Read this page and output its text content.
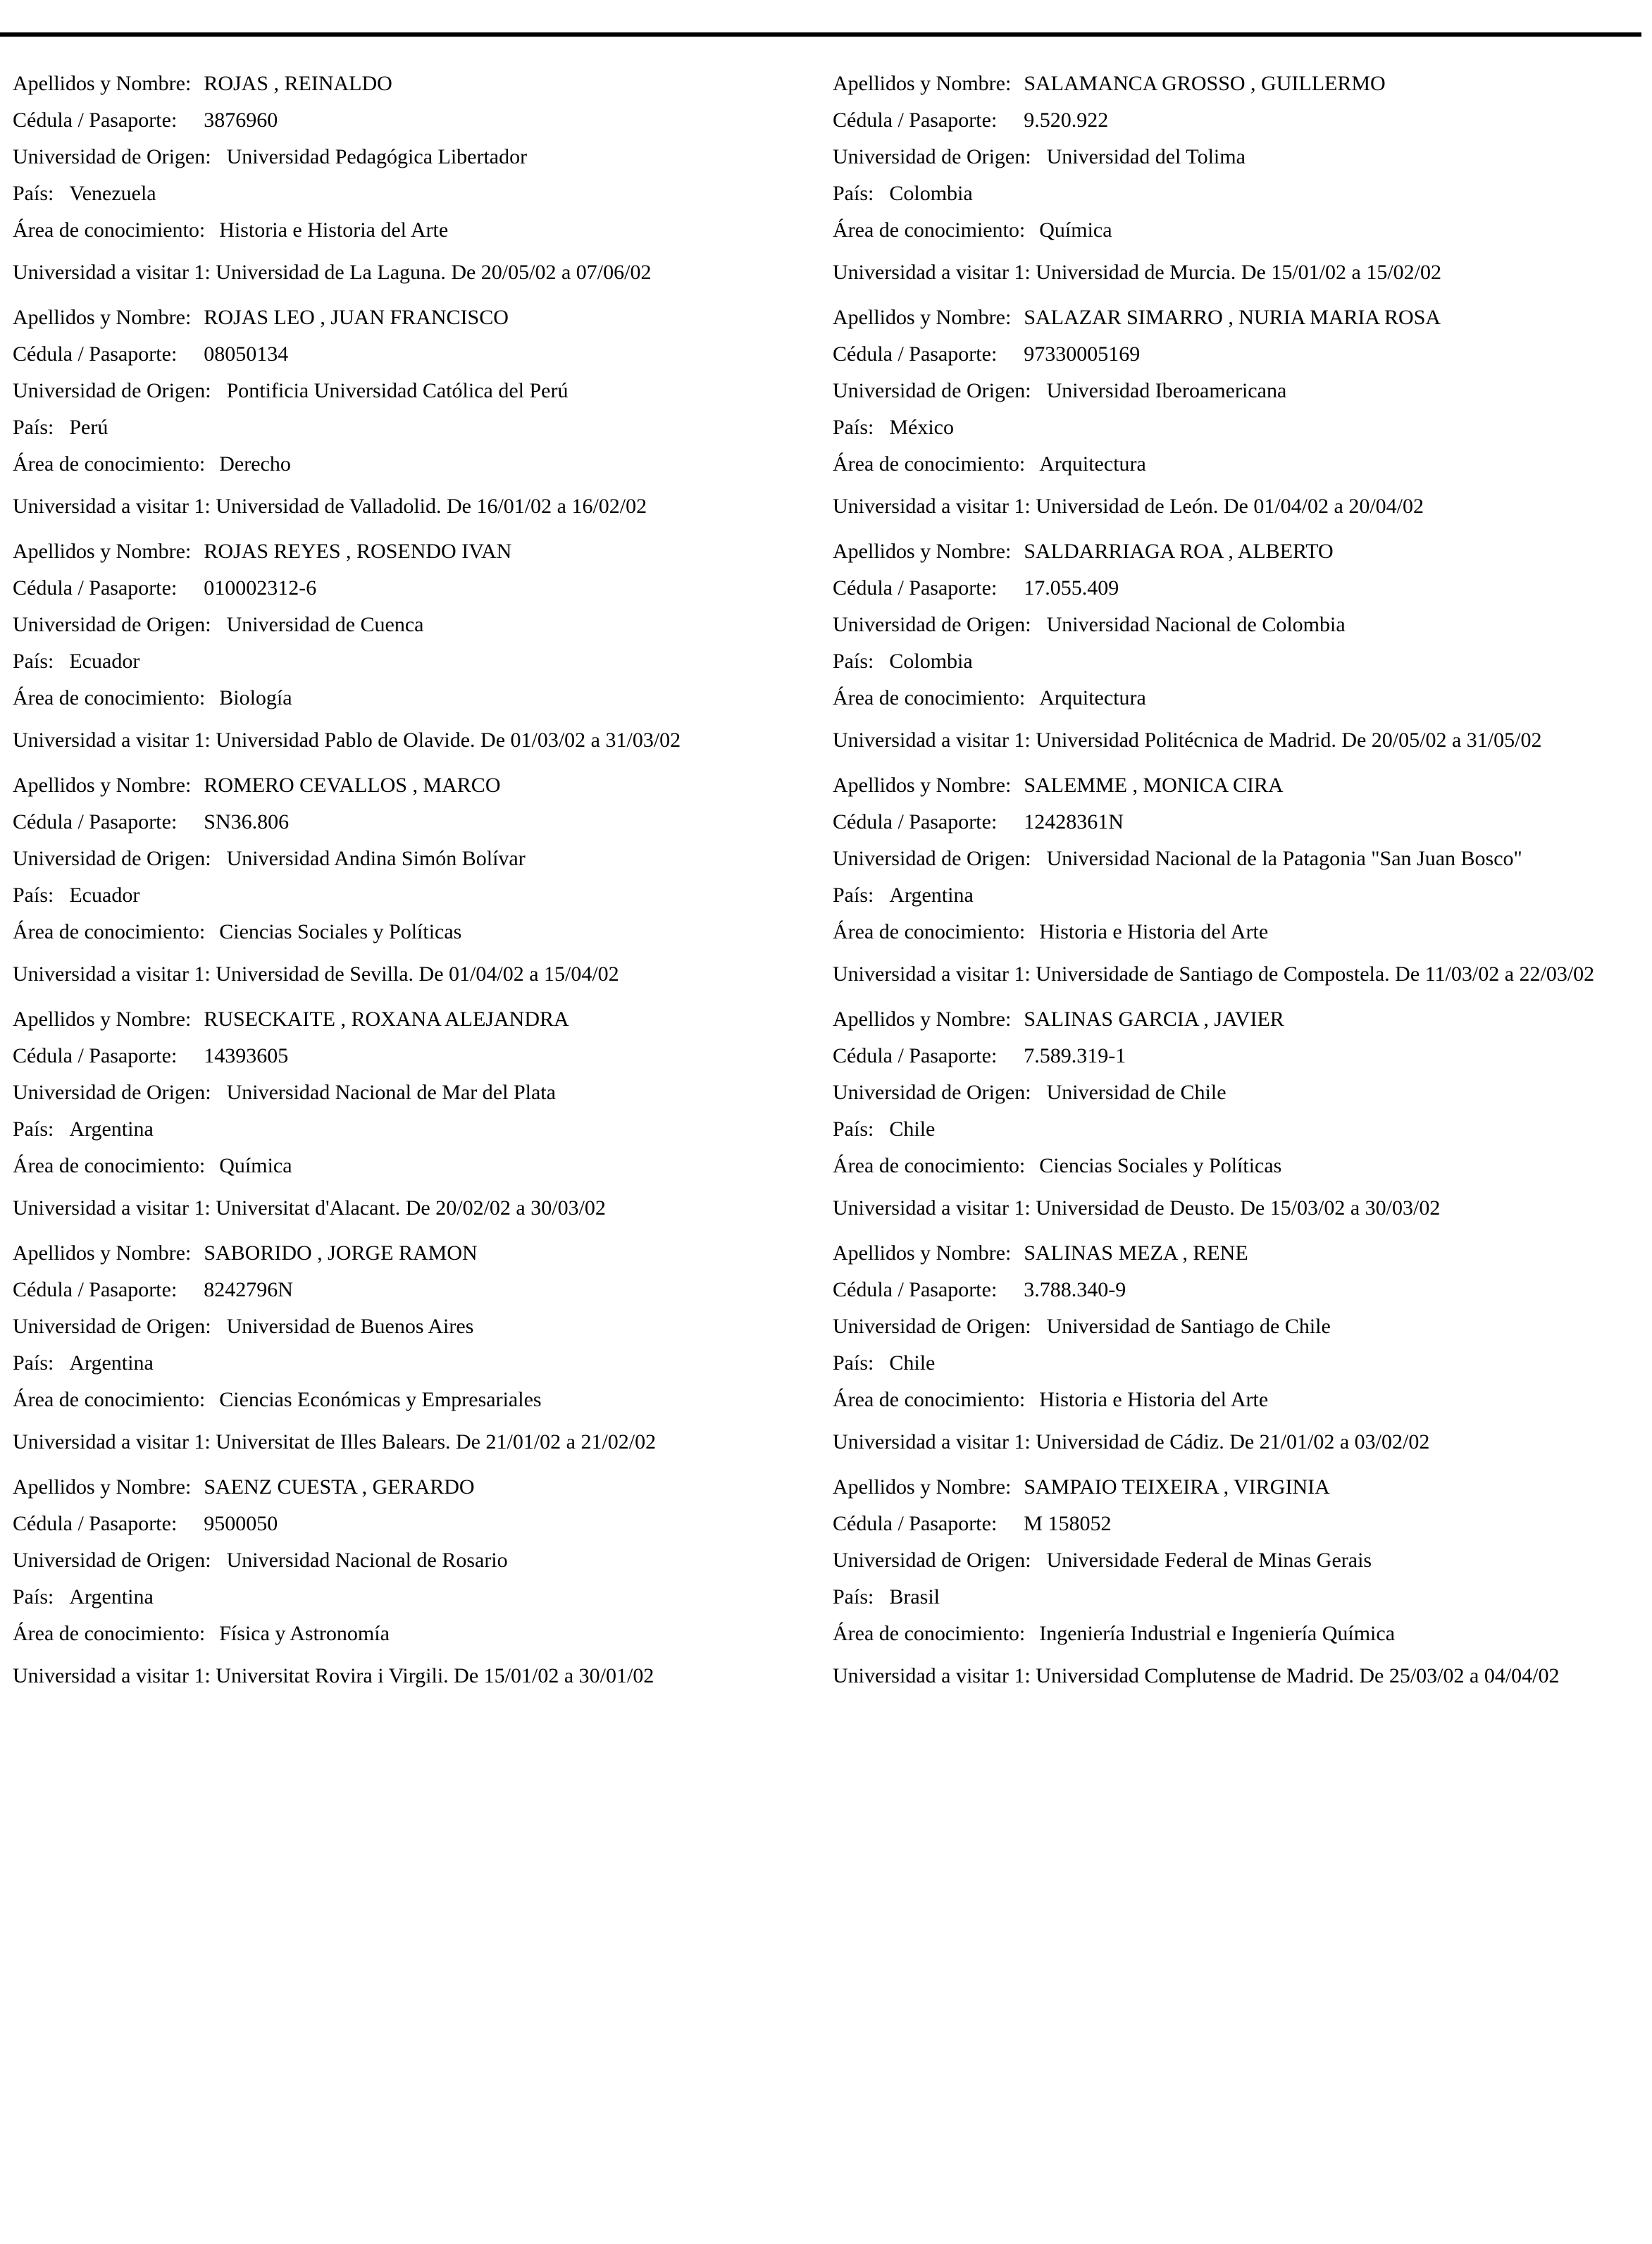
Apellidos y Nombre: ROJAS , REINALDO
Cédula / Pasaporte: 3876960
Universidad de Origen: Universidad Pedagógica Libertador
País: Venezuela
Área de conocimiento: Historia e Historia del Arte
Universidad a visitar 1: Universidad de La Laguna. De 20/05/02 a 07/06/02
Apellidos y Nombre: ROJAS LEO , JUAN FRANCISCO
Cédula / Pasaporte: 08050134
Universidad de Origen: Pontificia Universidad Católica del Perú
País: Perú
Área de conocimiento: Derecho
Universidad a visitar 1: Universidad de Valladolid. De 16/01/02 a 16/02/02
Apellidos y Nombre: ROJAS REYES , ROSENDO IVAN
Cédula / Pasaporte: 010002312-6
Universidad de Origen: Universidad de Cuenca
País: Ecuador
Área de conocimiento: Biología
Universidad a visitar 1: Universidad Pablo de Olavide. De 01/03/02 a 31/03/02
Apellidos y Nombre: ROMERO CEVALLOS , MARCO
Cédula / Pasaporte: SN36.806
Universidad de Origen: Universidad Andina Simón Bolívar
País: Ecuador
Área de conocimiento: Ciencias Sociales y Políticas
Universidad a visitar 1: Universidad de Sevilla. De 01/04/02 a 15/04/02
Apellidos y Nombre: RUSECKAITE , ROXANA ALEJANDRA
Cédula / Pasaporte: 14393605
Universidad de Origen: Universidad Nacional de Mar del Plata
País: Argentina
Área de conocimiento: Química
Universidad a visitar 1: Universitat d'Alacant. De 20/02/02 a 30/03/02
Apellidos y Nombre: SABORIDO , JORGE RAMON
Cédula / Pasaporte: 8242796N
Universidad de Origen: Universidad de Buenos Aires
País: Argentina
Área de conocimiento: Ciencias Económicas y Empresariales
Universidad a visitar 1: Universitat de Illes Balears. De 21/01/02 a 21/02/02
Apellidos y Nombre: SAENZ CUESTA , GERARDO
Cédula / Pasaporte: 9500050
Universidad de Origen: Universidad Nacional de Rosario
País: Argentina
Área de conocimiento: Física y Astronomía
Universidad a visitar 1: Universitat Rovira i Virgili. De 15/01/02 a 30/01/02
Apellidos y Nombre: SALAMANCA GROSSO , GUILLERMO
Cédula / Pasaporte: 9.520.922
Universidad de Origen: Universidad del Tolima
País: Colombia
Área de conocimiento: Química
Universidad a visitar 1: Universidad de Murcia. De 15/01/02 a 15/02/02
Apellidos y Nombre: SALAZAR SIMARRO , NURIA MARIA ROSA
Cédula / Pasaporte: 97330005169
Universidad de Origen: Universidad Iberoamericana
País: México
Área de conocimiento: Arquitectura
Universidad a visitar 1: Universidad de León. De 01/04/02 a 20/04/02
Apellidos y Nombre: SALDARRIAGA ROA , ALBERTO
Cédula / Pasaporte: 17.055.409
Universidad de Origen: Universidad Nacional de Colombia
País: Colombia
Área de conocimiento: Arquitectura
Universidad a visitar 1: Universidad Politécnica de Madrid. De 20/05/02 a 31/05/02
Apellidos y Nombre: SALEMME , MONICA CIRA
Cédula / Pasaporte: 12428361N
Universidad de Origen: Universidad Nacional de la Patagonia "San Juan Bosco"
País: Argentina
Área de conocimiento: Historia e Historia del Arte
Universidad a visitar 1: Universidade de Santiago de Compostela. De 11/03/02 a 22/03/02
Apellidos y Nombre: SALINAS GARCIA , JAVIER
Cédula / Pasaporte: 7.589.319-1
Universidad de Origen: Universidad de Chile
País: Chile
Área de conocimiento: Ciencias Sociales y Políticas
Universidad a visitar 1: Universidad de Deusto. De 15/03/02 a 30/03/02
Apellidos y Nombre: SALINAS MEZA , RENE
Cédula / Pasaporte: 3.788.340-9
Universidad de Origen: Universidad de Santiago de Chile
País: Chile
Área de conocimiento: Historia e Historia del Arte
Universidad a visitar 1: Universidad de Cádiz. De 21/01/02 a 03/02/02
Apellidos y Nombre: SAMPAIO TEIXEIRA , VIRGINIA
Cédula / Pasaporte: M 158052
Universidad de Origen: Universidade Federal de Minas Gerais
País: Brasil
Área de conocimiento: Ingeniería Industrial e Ingeniería Química
Universidad a visitar 1: Universidad Complutense de Madrid. De 25/03/02 a 04/04/02
